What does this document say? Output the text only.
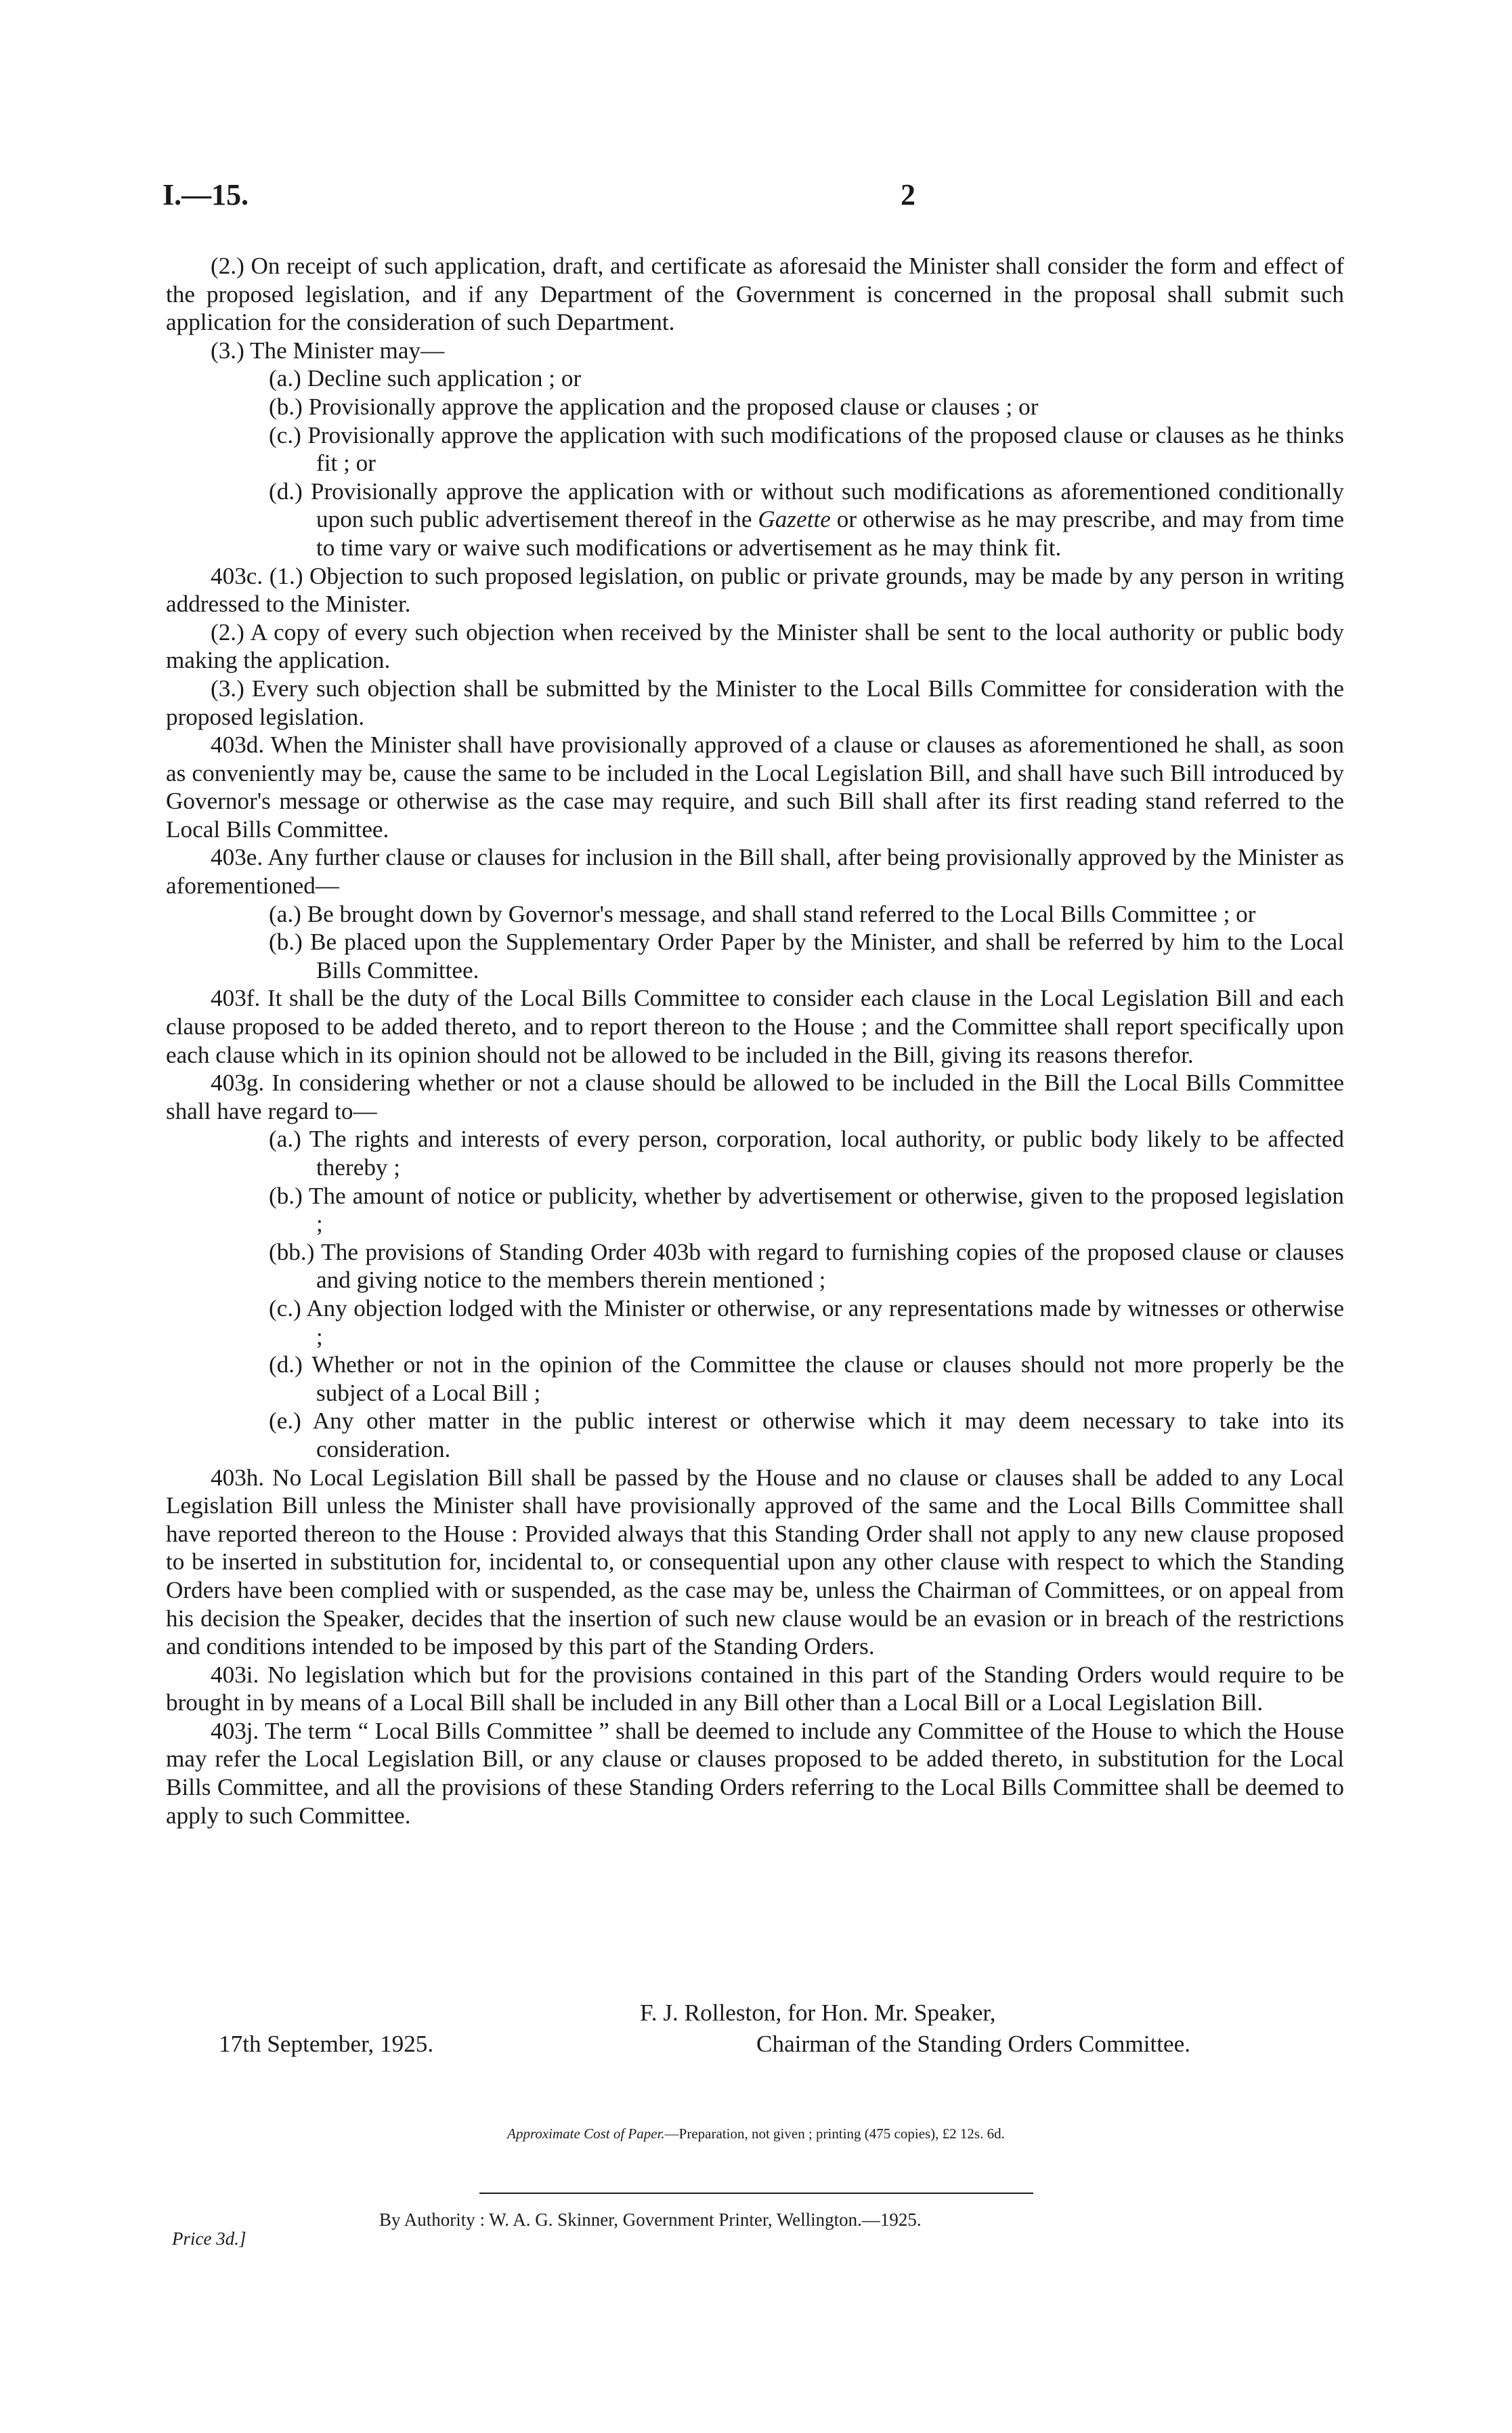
I.—15.	2

(2.) On receipt of such application, draft, and certificate as aforesaid the Minister shall consider the form and effect of the proposed legislation, and if any Department of the Government is concerned in the proposal shall submit such application for the consideration of such Department.

(3.) The Minister may—

(a.) Decline such application ; or

(b.) Provisionally approve the application and the proposed clause or clauses ; or

(c.) Provisionally approve the application with such modifications of the proposed clause or clauses as he thinks fit ; or

(d.) Provisionally approve the application with or without such modifications as aforementioned conditionally upon such public advertisement thereof in the Gazette or otherwise as he may prescribe, and may from time to time vary or waive such modifications or advertisement as he may think fit.

403c. (1.) Objection to such proposed legislation, on public or private grounds, may be made by any person in writing addressed to the Minister.

(2.) A copy of every such objection when received by the Minister shall be sent to the local authority or public body making the application.

(3.) Every such objection shall be submitted by the Minister to the Local Bills Committee for consideration with the proposed legislation.

403d. When the Minister shall have provisionally approved of a clause or clauses as aforementioned he shall, as soon as conveniently may be, cause the same to be included in the Local Legislation Bill, and shall have such Bill introduced by Governor's message or otherwise as the case may require, and such Bill shall after its first reading stand referred to the Local Bills Committee.

403e. Any further clause or clauses for inclusion in the Bill shall, after being provisionally approved by the Minister as aforementioned—

(a.) Be brought down by Governor's message, and shall stand referred to the Local Bills Committee ; or

(b.) Be placed upon the Supplementary Order Paper by the Minister, and shall be referred by him to the Local Bills Committee.

403f. It shall be the duty of the Local Bills Committee to consider each clause in the Local Legislation Bill and each clause proposed to be added thereto, and to report thereon to the House ; and the Committee shall report specifically upon each clause which in its opinion should not be allowed to be included in the Bill, giving its reasons therefor.

403g. In considering whether or not a clause should be allowed to be included in the Bill the Local Bills Committee shall have regard to—

(a.) The rights and interests of every person, corporation, local authority, or public body likely to be affected thereby ;

(b.) The amount of notice or publicity, whether by advertisement or otherwise, given to the proposed legislation ;

(bb.) The provisions of Standing Order 403b with regard to furnishing copies of the proposed clause or clauses and giving notice to the members therein mentioned ;

(c.) Any objection lodged with the Minister or otherwise, or any representations made by witnesses or otherwise ;

(d.) Whether or not in the opinion of the Committee the clause or clauses should not more properly be the subject of a Local Bill ;

(e.) Any other matter in the public interest or otherwise which it may deem necessary to take into its consideration.

403h. No Local Legislation Bill shall be passed by the House and no clause or clauses shall be added to any Local Legislation Bill unless the Minister shall have provisionally approved of the same and the Local Bills Committee shall have reported thereon to the House : Provided always that this Standing Order shall not apply to any new clause proposed to be inserted in substitution for, incidental to, or consequential upon any other clause with respect to which the Standing Orders have been complied with or suspended, as the case may be, unless the Chairman of Committees, or on appeal from his decision the Speaker, decides that the insertion of such new clause would be an evasion or in breach of the restrictions and conditions intended to be imposed by this part of the Standing Orders.

403i. No legislation which but for the provisions contained in this part of the Standing Orders would require to be brought in by means of a Local Bill shall be included in any Bill other than a Local Bill or a Local Legislation Bill.

403j. The term “ Local Bills Committee ” shall be deemed to include any Committee of the House to which the House may refer the Local Legislation Bill, or any clause or clauses proposed to be added thereto, in substitution for the Local Bills Committee, and all the provisions of these Standing Orders referring to the Local Bills Committee shall be deemed to apply to such Committee.

F. J. Rolleston, for Hon. Mr. Speaker,
Chairman of the Standing Orders Committee.
17th September, 1925.
Approximate Cost of Paper.—Preparation, not given ; printing (475 copies), £2 12s. 6d.
By Authority : W. A. G. Skinner, Government Printer, Wellington.—1925.
Price 3d.]
